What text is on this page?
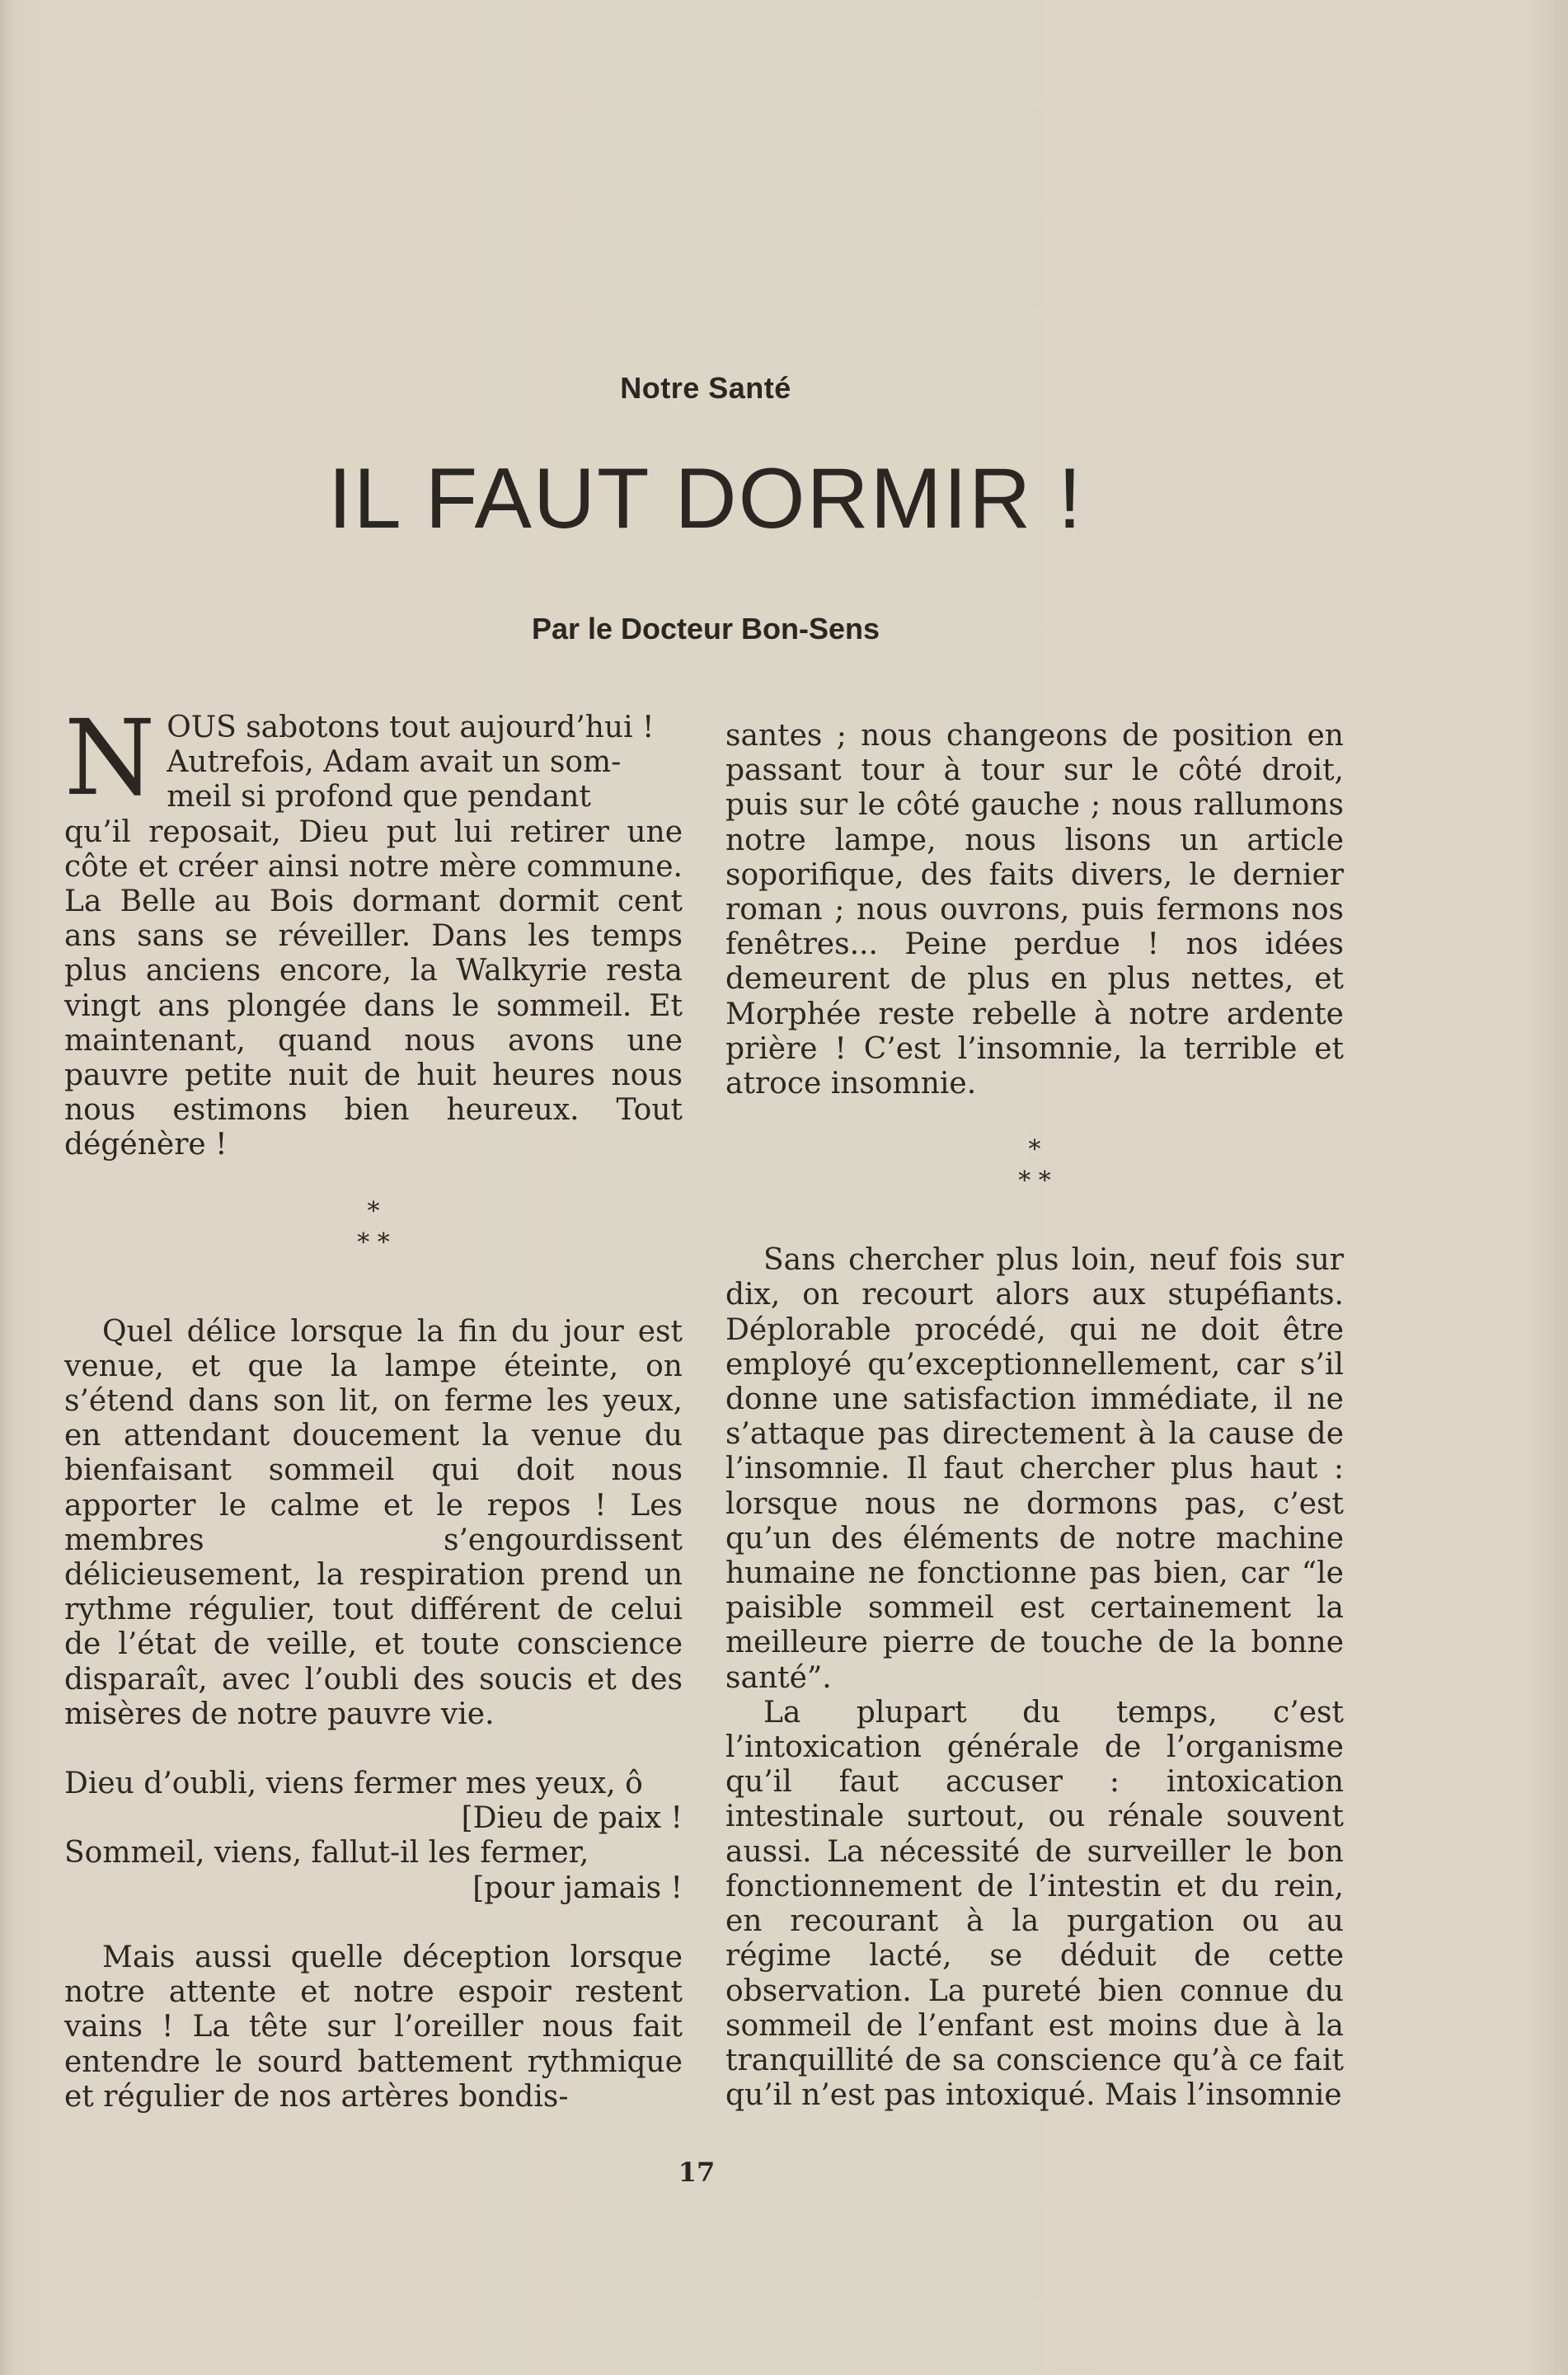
Notre Santé
IL FAUT DORMIR !
Par le Docteur Bon-Sens

N OUS sabotons tout aujourd’hui !
Autrefois, Adam avait un som-
meil si profond que pendant
qu’il reposait, Dieu put lui retirer une côte et créer ainsi notre mère commune. La Belle au Bois dormant dormit cent ans sans se réveiller. Dans les temps plus anciens encore, la Walkyrie resta vingt ans plongée dans le sommeil. Et maintenant, quand nous avons une pauvre petite nuit de huit heures nous nous estimons bien heureux. Tout dégénère !

*
* *

Quel délice lorsque la fin du jour est venue, et que la lampe éteinte, on s’étend dans son lit, on ferme les yeux, en attendant doucement la venue du bienfaisant sommeil qui doit nous apporter le calme et le repos ! Les membres s’engourdissent délicieusement, la respiration prend un rythme régulier, tout différent de celui de l’état de veille, et toute conscience disparaît, avec l’oubli des soucis et des misères de notre pauvre vie.

Dieu d’oubli, viens fermer mes yeux, ô
[Dieu de paix !
Sommeil, viens, fallut-il les fermer,
[pour jamais !

Mais aussi quelle déception lorsque notre attente et notre espoir restent vains ! La tête sur l’oreiller nous fait entendre le sourd battement rythmique et régulier de nos artères bondis-

santes ; nous changeons de position en passant tour à tour sur le côté droit, puis sur le côté gauche ; nous rallumons notre lampe, nous lisons un article soporifique, des faits divers, le dernier roman ; nous ouvrons, puis fermons nos fenêtres... Peine perdue ! nos idées demeurent de plus en plus nettes, et Morphée reste rebelle à notre ardente prière ! C’est l’insomnie, la terrible et atroce insomnie.

*
* *

Sans chercher plus loin, neuf fois sur dix, on recourt alors aux stupéfiants. Déplorable procédé, qui ne doit être employé qu’exceptionnellement, car s’il donne une satisfaction immédiate, il ne s’attaque pas directement à la cause de l’insomnie. Il faut chercher plus haut : lorsque nous ne dormons pas, c’est qu’un des éléments de notre machine humaine ne fonctionne pas bien, car “le paisible sommeil est certainement la meilleure pierre de touche de la bonne santé”.

La plupart du temps, c’est l’intoxication générale de l’organisme qu’il faut accuser : intoxication intestinale surtout, ou rénale souvent aussi. La nécessité de surveiller le bon fonctionnement de l’intestin et du rein, en recourant à la purgation ou au régime lacté, se déduit de cette observation. La pureté bien connue du sommeil de l’enfant est moins due à la tranquillité de sa conscience qu’à ce fait qu’il n’est pas intoxiqué. Mais l’insomnie

17
